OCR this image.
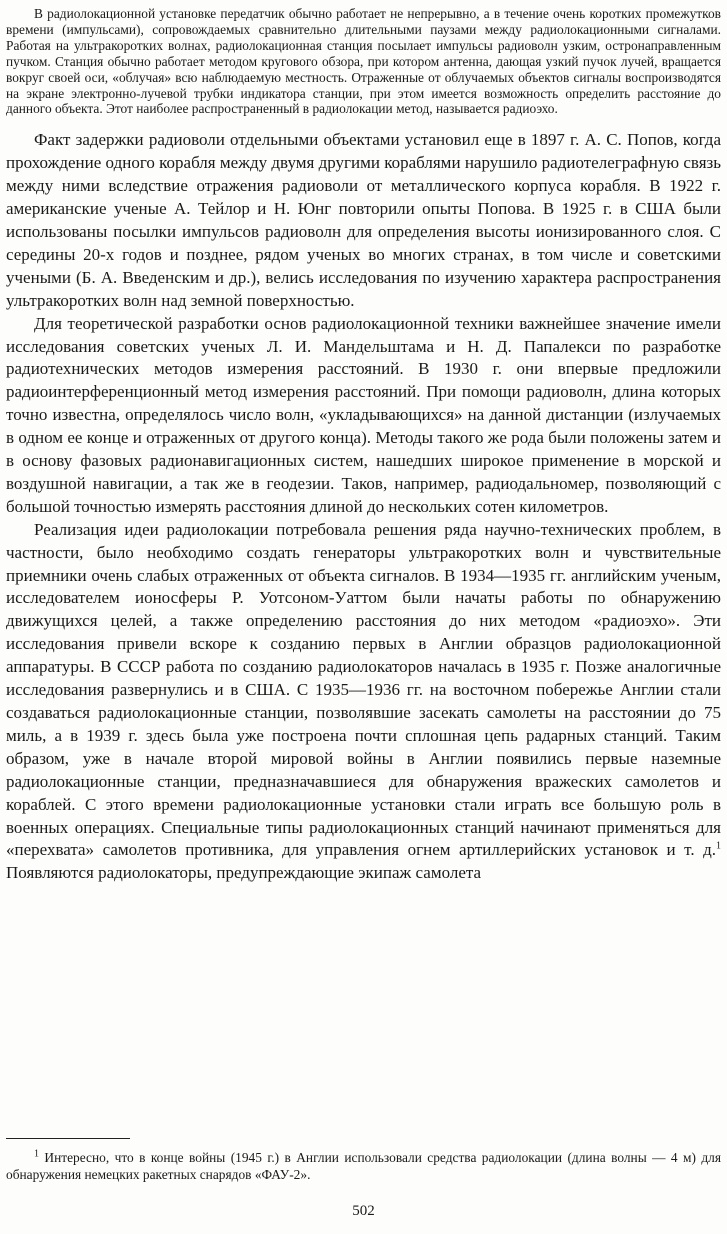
В радиолокационной установке передатчик обычно работает не непрерывно, а в течение очень коротких промежутков времени (импульсами), сопровождаемых сравнительно длительными паузами между радиолокационными сигналами. Работая на ультракоротких волнах, радиолокационная станция посылает импульсы радиоволн узким, остронаправленным пучком. Станция обычно работает методом кругового обзора, при котором антенна, дающая узкий пучок лучей, вращается вокруг своей оси, «облучая» всю наблюдаемую местность. Отраженные от облучаемых объектов сигналы воспроизводятся на экране электронно-лучевой трубки индикатора станции, при этом имеется возможность определить расстояние до данного объекта. Этот наиболее распространенный в радиолокации метод, называется радиоэхо.

Факт задержки радиоволи отдельными объектами установил еще в 1897 г. А. С. Попов, когда прохождение одного корабля между двумя другими кораблями нарушило радиотелеграфную связь между ними вследствие отражения радиоволи от металлического корпуса корабля. В 1922 г. американские ученые А. Тейлор и Н. Юнг повторили опыты Попова. В 1925 г. в США были использованы посылки импульсов радиоволн для определения высоты ионизированного слоя. С середины 20-х годов и позднее, рядом ученых во многих странах, в том числе и советскими учеными (Б. А. Введенским и др.), велись исследования по изучению характера распространения ультракоротких волн над земной поверхностью.

Для теоретической разработки основ радиолокационной техники важнейшее значение имели исследования советских ученых Л. И. Мандельштама и Н. Д. Папалекси по разработке радиотехнических методов измерения расстояний. В 1930 г. они впервые предложили радиоинтерференционный метод измерения расстояний. При помощи радиоволн, длина которых точно известна, определялось число волн, «укладывающихся» на данной дистанции (излучаемых в одном ее конце и отраженных от другого конца). Методы такого же рода были положены затем и в основу фазовых радионавигационных систем, нашедших широкое применение в морской и воздушной навигации, а так же в геодезии. Таков, например, радиодальномер, позволяющий с большой точностью измерять расстояния длиной до нескольких сотен километров.

Реализация идеи радиолокации потребовала решения ряда научно-технических проблем, в частности, было необходимо создать генераторы ультракоротких волн и чувствительные приемники очень слабых отраженных от объекта сигналов. В 1934—1935 гг. английским ученым, исследователем ионосферы Р. Уотсоном-Уаттом были начаты работы по обнаружению движущихся целей, а также определению расстояния до них методом «радиоэхо». Эти исследования привели вскоре к созданию первых в Англии образцов радиолокационной аппаратуры. В СССР работа по созданию радиолокаторов началась в 1935 г. Позже аналогичные исследования развернулись и в США. С 1935—1936 гг. на восточном побережье Англии стали создаваться радиолокационные станции, позволявшие засекать самолеты на расстоянии до 75 миль, а в 1939 г. здесь была уже построена почти сплошная цепь радарных станций. Таким образом, уже в начале второй мировой войны в Англии появились первые наземные радиолокационные станции, предназначавшиеся для обнаружения вражеских самолетов и кораблей. С этого времени радиолокационные установки стали играть все большую роль в военных операциях. Специальные типы радиолокационных станций начинают применяться для «перехвата» самолетов противника, для управления огнем артиллерийских установок и т. д.$^1$ Появляются радиолокаторы, предупреждающие экипаж самолета

$^1$ Интересно, что в конце войны (1945 г.) в Англии использовали средства радиолокации (длина волны — 4 м) для обнаружения немецких ракетных снарядов «ФАУ-2».

502
